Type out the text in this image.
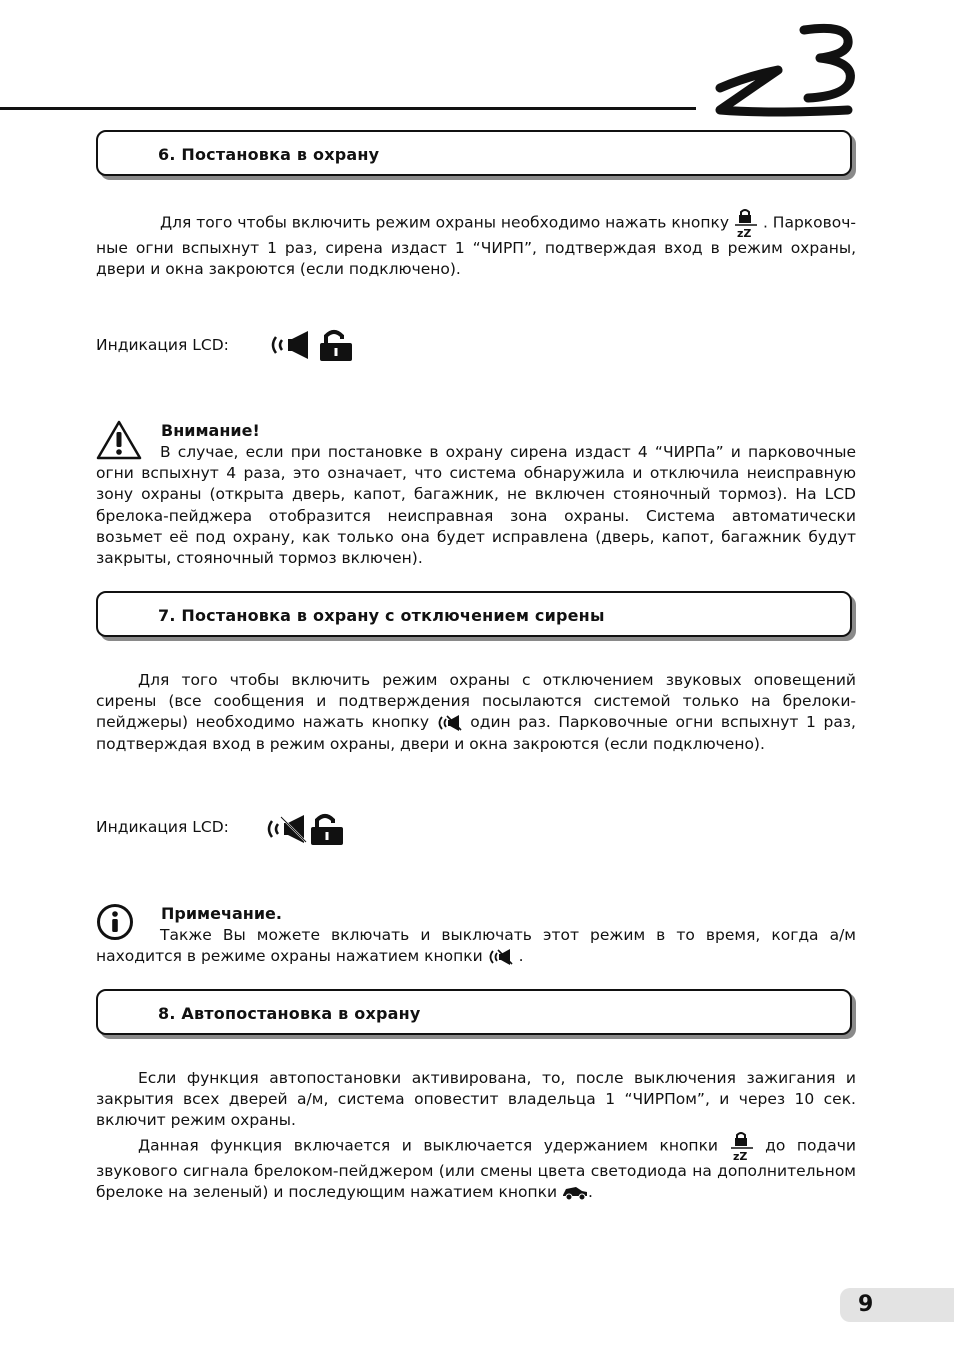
6. Постановка в охрану
Для того чтобы включить режим охраны необходимо нажать кнопку
zZ
. Парковочные огни вспыхнут 1 раз, сирена издаст 1 “ЧИРП”, подтверждая вход в режим охраны, двери и окна закроются (если подключено).
Индикация LCD:
Внимание!
В случае, если при постановке в охрану сирена издаст 4 “ЧИРПа” и парковочные огни вспыхнут 4 раза, это означает, что система обнаружила и отключила неисправную зону охраны (открыта дверь, капот, багажник, не включен стояночный тормоз). На LCD брелока-пейджера отобразится неисправная зона охраны. Система автоматически возьмет её под охрану, как только она будет исправлена (дверь, капот, багажник будут закрыты, стояночный тормоз включен).
7. Постановка в охрану с отключением сирены
Для того чтобы включить режим охраны с отключением звуковых оповещений сирены (все сообщения и подтверждения посылаются системой только на брелоки-пейджеры) необходимо нажать кнопку	один раз. Парковочные огни вспыхнут 1 раз, подтверждая вход в режим охраны, двери и окна закроются (если подключено).
Индикация LCD:
Примечание.
Также Вы можете включать и выключать этот режим в то время, когда а/м находится в режиме охраны нажатием кнопки .
8. Автопостановка в охрану
Если функция автопостановки активирована, то, после выключения зажигания и закрытия всех дверей а/м, система оповестит владельца 1 “ЧИРПом”, и через 10 сек. включит режим охраны.
Данная функция включается и выключается удержанием кнопки
zZ
до подачи звукового сигнала брелоком-пейджером (или смены цвета светодиода на дополнительном брелоке на зеленый) и последующим нажатием кнопки .
9
